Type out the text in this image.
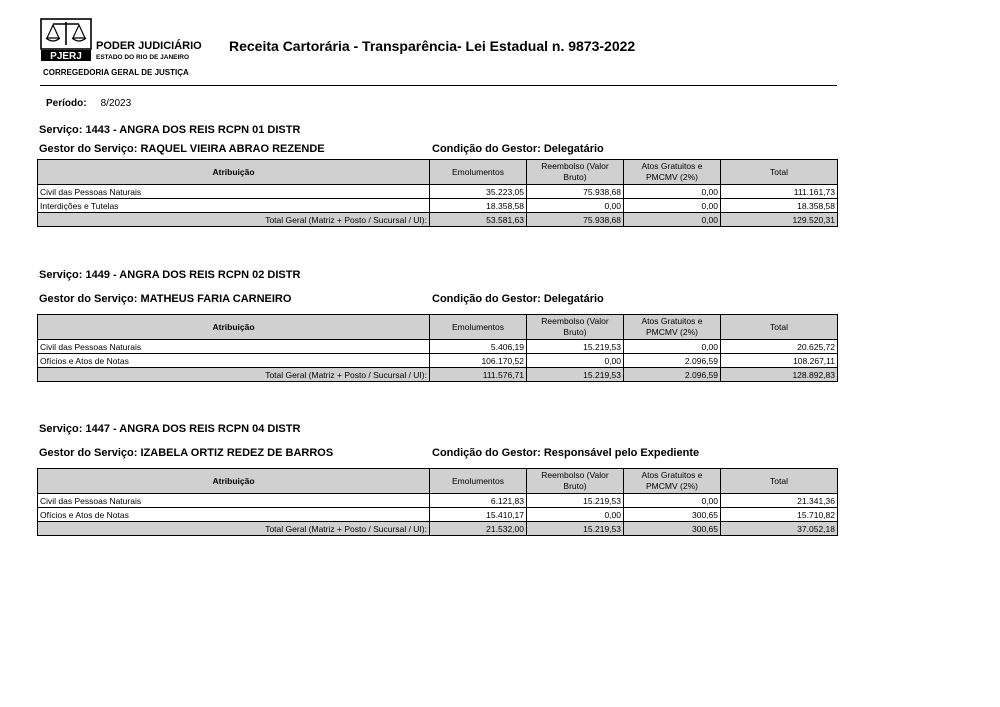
PJERJ
PODER JUDICIÁRIO
ESTADO DO RIO DE JANEIRO
CORREGEDORIA GERAL DE JUSTIÇA
Receita Cartorária - Transparência- Lei Estadual n. 9873-2022
Período: 8/2023
Serviço: 1443 - ANGRA DOS REIS RCPN 01 DISTR
Gestor do Serviço: RAQUEL VIEIRA ABRAO REZENDE	Condição do Gestor: Delegatário
Atribuição	Emolumentos	Reembolso (Valor Bruto)	Atos Gratuitos e PMCMV (2%)	Total
Civil das Pessoas Naturais	35.223,05	75.938,68	0,00	111.161,73
Interdições e Tutelas	18.358,58	0,00	0,00	18.358,58
Total Geral (Matriz + Posto / Sucursal / UI):	53.581,63	75.938,68	0,00	129.520,31
Serviço: 1449 - ANGRA DOS REIS RCPN 02 DISTR
Gestor do Serviço: MATHEUS FARIA CARNEIRO	Condição do Gestor: Delegatário
Atribuição	Emolumentos	Reembolso (Valor Bruto)	Atos Gratuitos e PMCMV (2%)	Total
Civil das Pessoas Naturais	5.406,19	15.219,53	0,00	20.625,72
Ofícios e Atos de Notas	106.170,52	0,00	2.096,59	108.267,11
Total Geral (Matriz + Posto / Sucursal / UI):	111.576,71	15.219,53	2.096,59	128.892,83
Serviço: 1447 - ANGRA DOS REIS RCPN 04 DISTR
Gestor do Serviço: IZABELA ORTIZ REDEZ DE BARROS	Condição do Gestor: Responsável pelo Expediente
Atribuição	Emolumentos	Reembolso (Valor Bruto)	Atos Gratuitos e PMCMV (2%)	Total
Civil das Pessoas Naturais	6.121,83	15.219,53	0,00	21.341,36
Ofícios e Atos de Notas	15.410,17	0,00	300,65	15.710,82
Total Geral (Matriz + Posto / Sucursal / UI):	21.532,00	15.219,53	300,65	37.052,18
